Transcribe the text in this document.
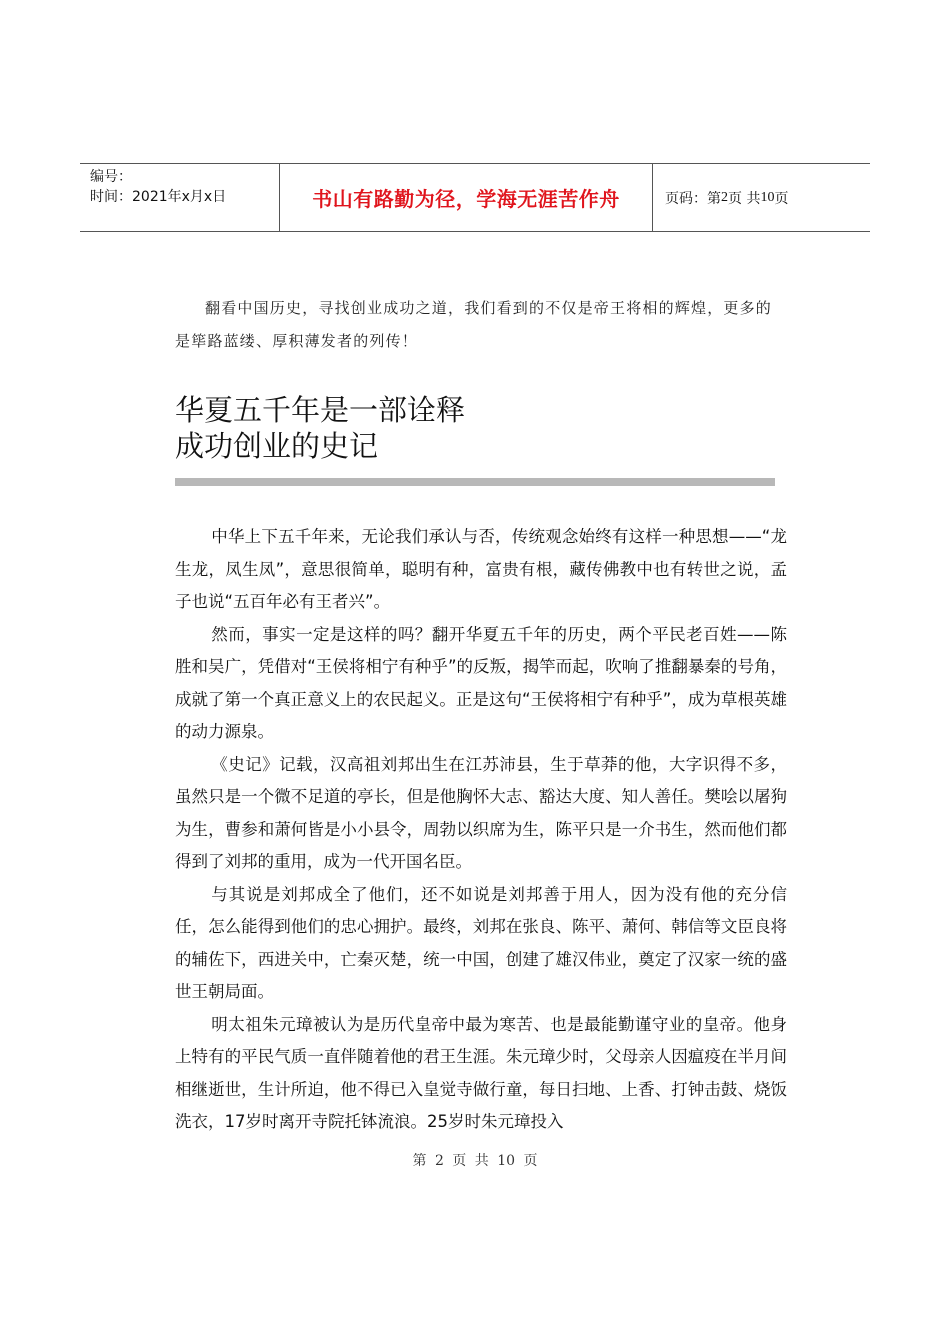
编号：
时间：2021年x月x日	书山有路勤为径，学海无涯苦作舟	页码：第 2 页 共 10 页
翻看中国历史，寻找创业成功之道，我们看到的不仅是帝王将相的辉煌，更多的是筚路蓝缕、厚积薄发者的列传！
华夏五千年是一部诠释
成功创业的史记

中华上下五千年来，无论我们承认与否，传统观念始终有这样一种思想——“龙生龙，凤生凤”，意思很简单，聪明有种，富贵有根，藏传佛教中也有转世之说，孟子也说“五百年必有王者兴”。

然而，事实一定是这样的吗？翻开华夏五千年的历史，两个平民老百姓——陈胜和吴广，凭借对“王侯将相宁有种乎”的反叛，揭竿而起，吹响了推翻暴秦的号角，成就了第一个真正意义上的农民起义。正是这句“王侯将相宁有种乎”，成为草根英雄的动力源泉。

《史记》记载，汉高祖刘邦出生在江苏沛县，生于草莽的他，大字识得不多，虽然只是一个微不足道的亭长，但是他胸怀大志、豁达大度、知人善任。樊哙以屠狗为生，曹参和萧何皆是小小县令，周勃以织席为生，陈平只是一介书生，然而他们都得到了刘邦的重用，成为一代开国名臣。

与其说是刘邦成全了他们，还不如说是刘邦善于用人，因为没有他的充分信任，怎么能得到他们的忠心拥护。最终，刘邦在张良、陈平、萧何、韩信等文臣良将的辅佐下，西进关中，亡秦灭楚，统一中国，创建了雄汉伟业，奠定了汉家一统的盛世王朝局面。

明太祖朱元璋被认为是历代皇帝中最为寒苦、也是最能勤谨守业的皇帝。他身上特有的平民气质一直伴随着他的君王生涯。朱元璋少时，父母亲人因瘟疫在半月间相继逝世，生计所迫，他不得已入皇觉寺做行童，每日扫地、上香、打钟击鼓、烧饭洗衣，17岁时离开寺院托钵流浪。25岁时朱元璋投入

第 2 页 共 10 页
